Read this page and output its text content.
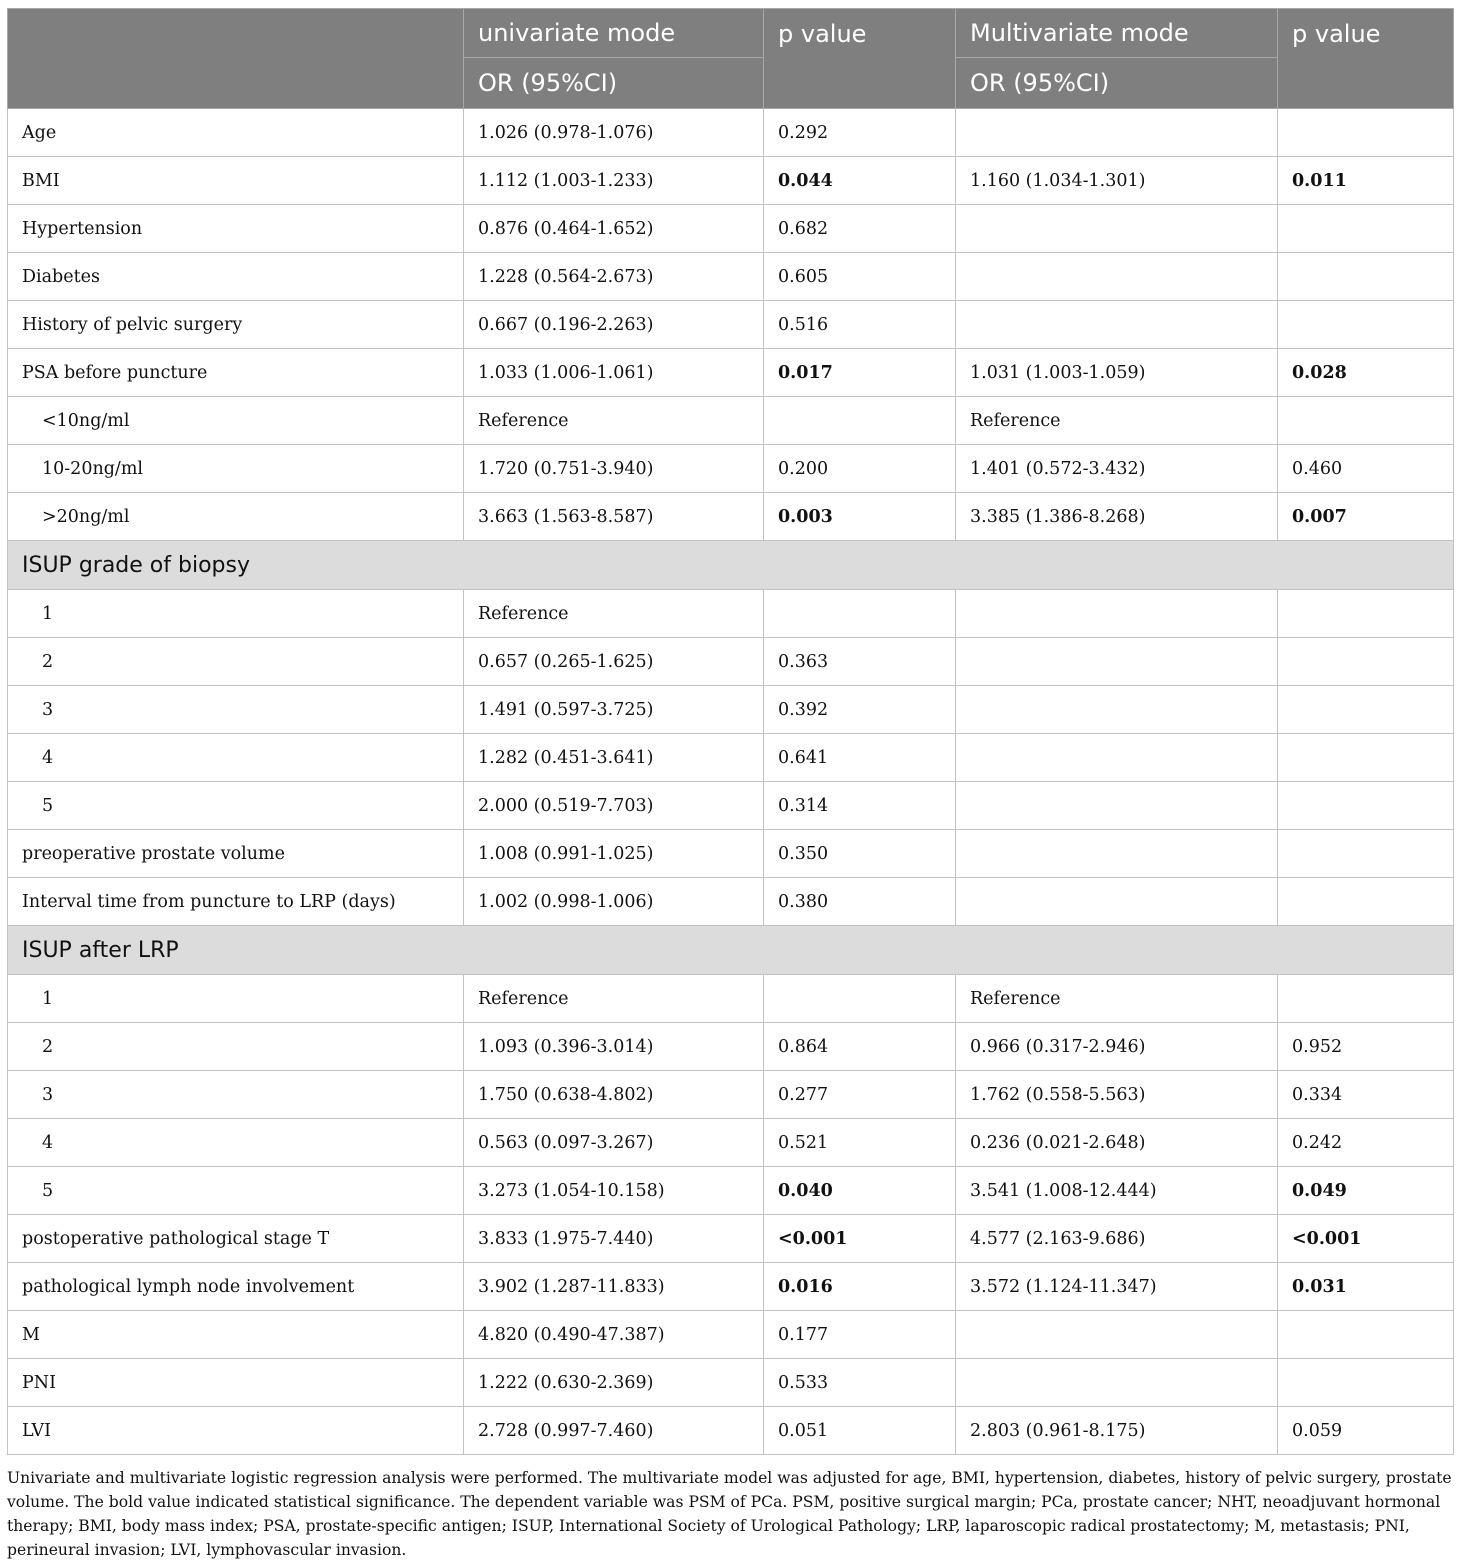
	univariate mode	p value	Multivariate mode	p value
	OR (95%CI)		OR (95%CI)	
Age	1.026 (0.978-1.076)	0.292		
BMI	1.112 (1.003-1.233)	0.044	1.160 (1.034-1.301)	0.011
Hypertension	0.876 (0.464-1.652)	0.682		
Diabetes	1.228 (0.564-2.673)	0.605		
History of pelvic surgery	0.667 (0.196-2.263)	0.516		
PSA before puncture	1.033 (1.006-1.061)	0.017	1.031 (1.003-1.059)	0.028
<10ng/ml	Reference		Reference	
10-20ng/ml	1.720 (0.751-3.940)	0.200	1.401 (0.572-3.432)	0.460
>20ng/ml	3.663 (1.563-8.587)	0.003	3.385 (1.386-8.268)	0.007
ISUP grade of biopsy				
1	Reference			
2	0.657 (0.265-1.625)	0.363		
3	1.491 (0.597-3.725)	0.392		
4	1.282 (0.451-3.641)	0.641		
5	2.000 (0.519-7.703)	0.314		
preoperative prostate volume	1.008 (0.991-1.025)	0.350		
Interval time from puncture to LRP (days)	1.002 (0.998-1.006)	0.380		
ISUP after LRP				
1	Reference		Reference	
2	1.093 (0.396-3.014)	0.864	0.966 (0.317-2.946)	0.952
3	1.750 (0.638-4.802)	0.277	1.762 (0.558-5.563)	0.334
4	0.563 (0.097-3.267)	0.521	0.236 (0.021-2.648)	0.242
5	3.273 (1.054-10.158)	0.040	3.541 (1.008-12.444)	0.049
postoperative pathological stage T	3.833 (1.975-7.440)	<0.001	4.577 (2.163-9.686)	<0.001
pathological lymph node involvement	3.902 (1.287-11.833)	0.016	3.572 (1.124-11.347)	0.031
M	4.820 (0.490-47.387)	0.177		
PNI	1.222 (0.630-2.369)	0.533		
LVI	2.728 (0.997-7.460)	0.051	2.803 (0.961-8.175)	0.059
Univariate and multivariate logistic regression analysis were performed. The multivariate model was adjusted for age, BMI, hypertension, diabetes, history of pelvic surgery, prostate volume. The bold value indicated statistical significance. The dependent variable was PSM of PCa. PSM, positive surgical margin; PCa, prostate cancer; NHT, neoadjuvant hormonal therapy; BMI, body mass index; PSA, prostate-specific antigen; ISUP, International Society of Urological Pathology; LRP, laparoscopic radical prostatectomy; M, metastasis; PNI, perineural invasion; LVI, lymphovascular invasion.
